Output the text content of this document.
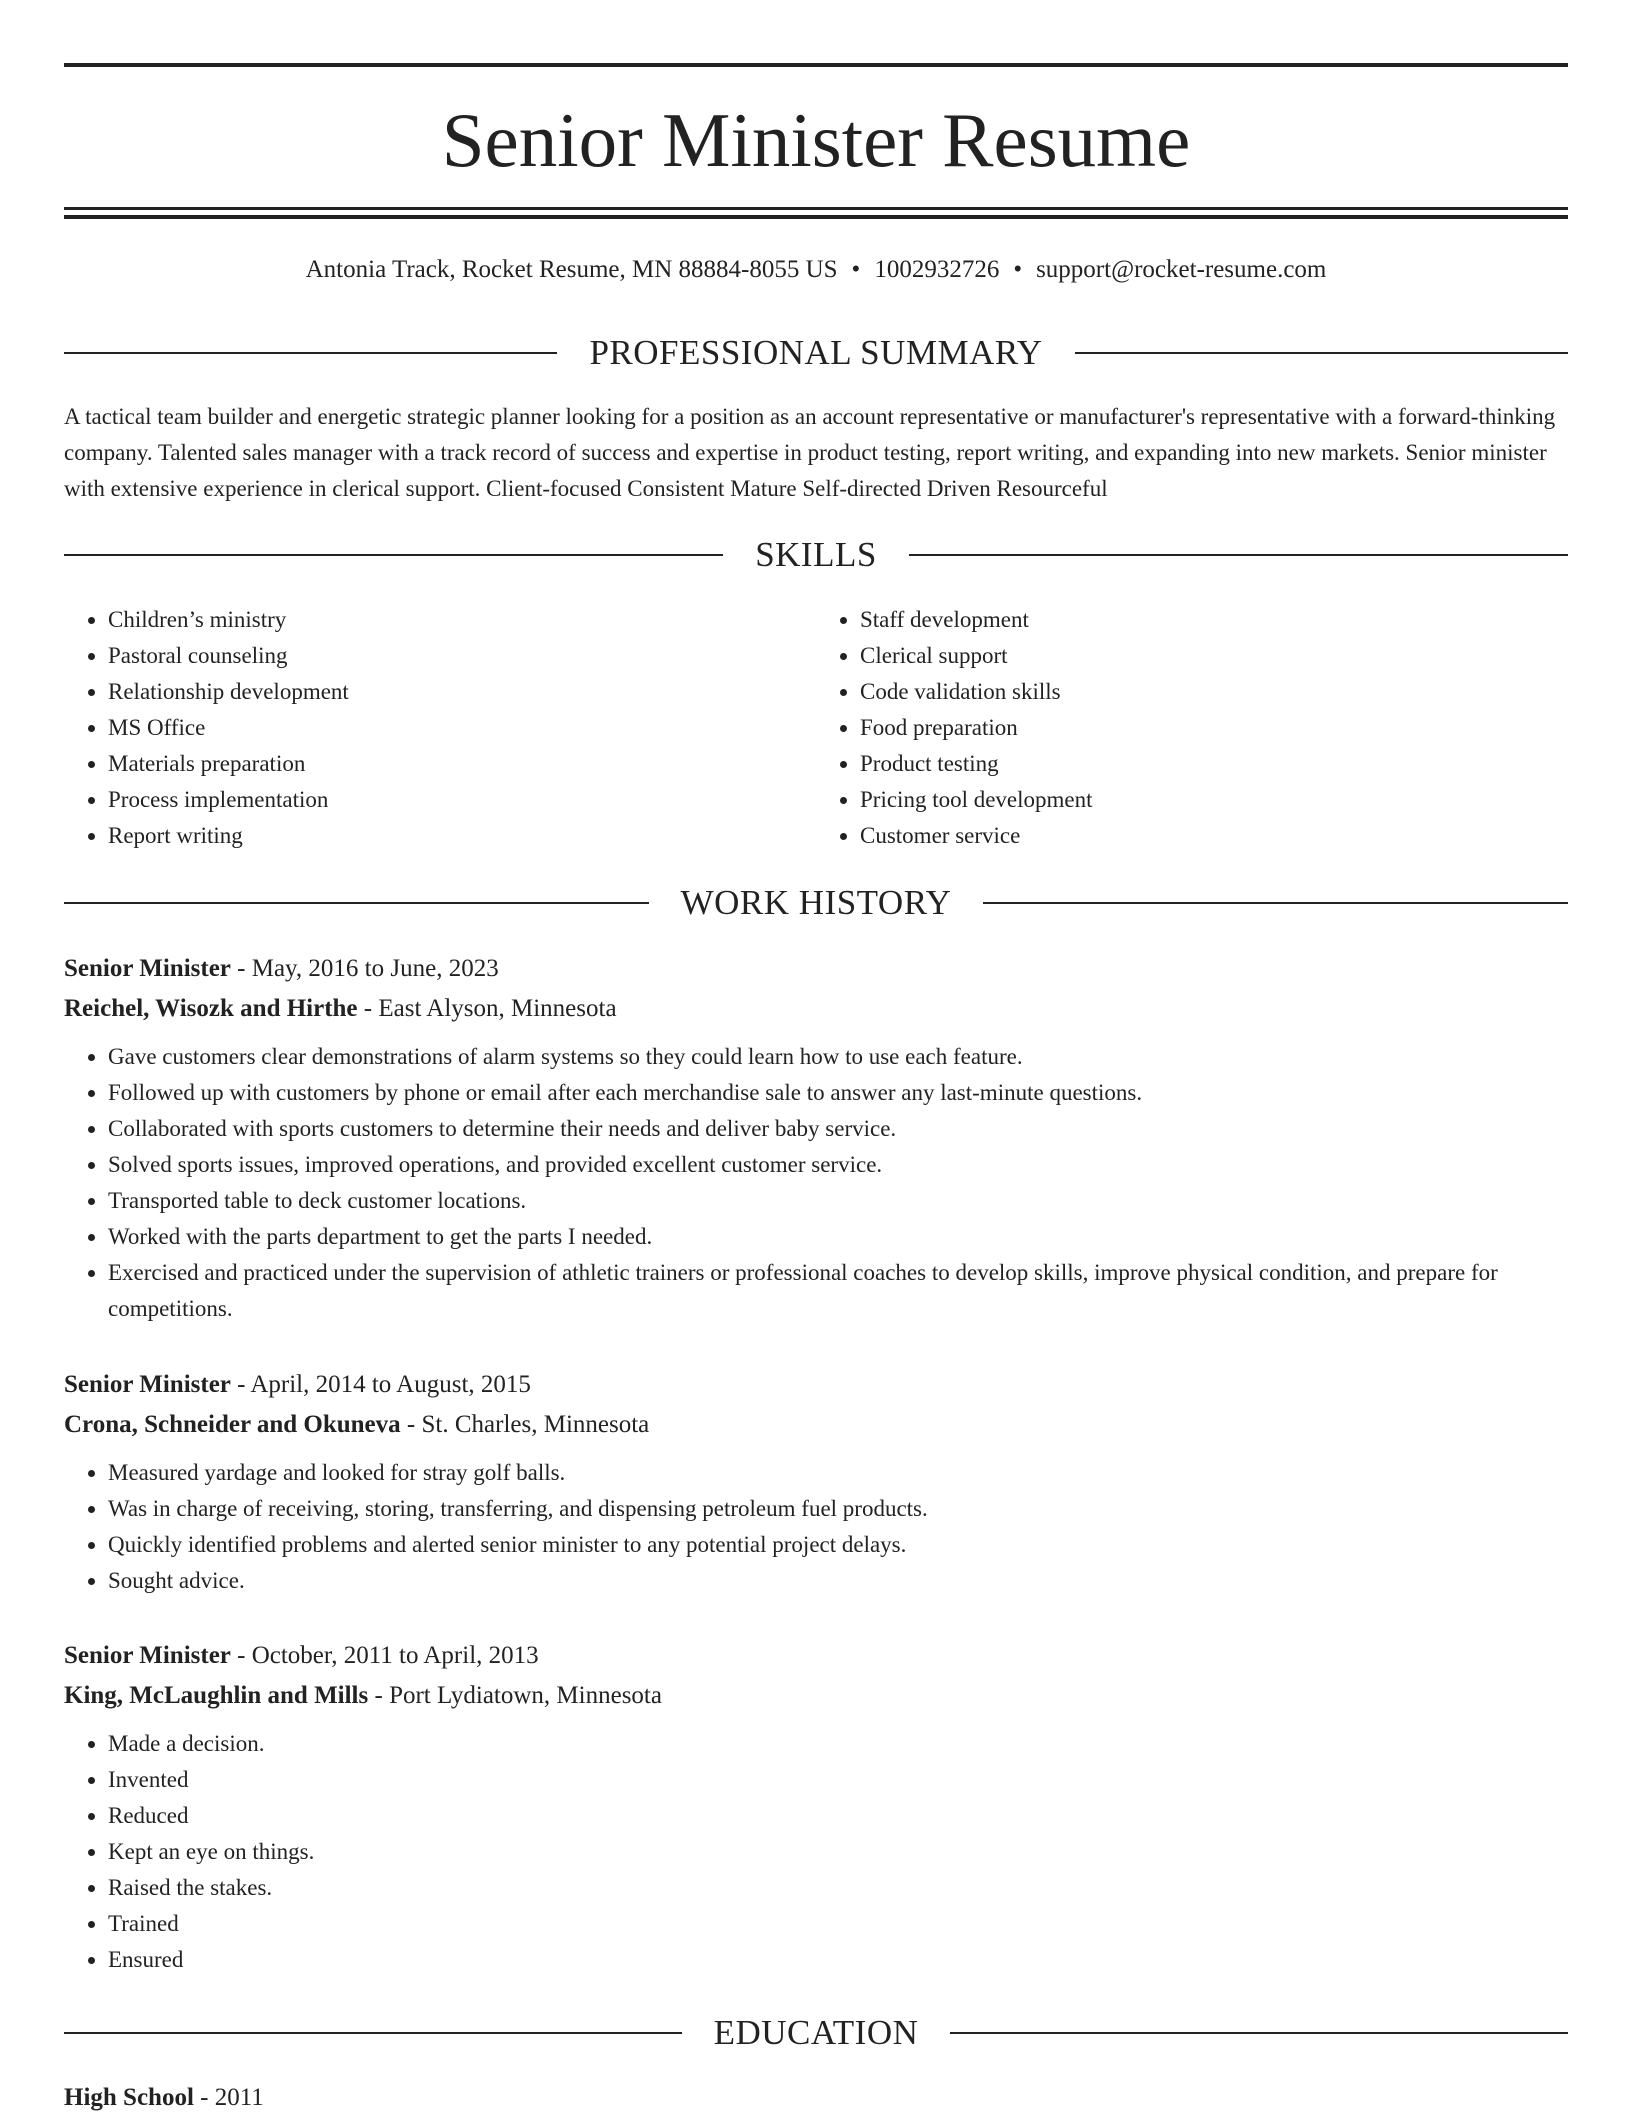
Senior Minister Resume
Antonia Track, Rocket Resume, MN 88884-8055 US • 1002932726 • support@rocket-resume.com
PROFESSIONAL SUMMARY

A tactical team builder and energetic strategic planner looking for a position as an account representative or manufacturer's representative with a forward-thinking company. Talented sales manager with a track record of success and expertise in product testing, report writing, and expanding into new markets. Senior minister with extensive experience in clerical support. Client-focused Consistent Mature Self-directed Driven Resourceful

SKILLS
• Children’s ministry
• Pastoral counseling
• Relationship development
• MS Office
• Materials preparation
• Process implementation
• Report writing
• Staff development
• Clerical support
• Code validation skills
• Food preparation
• Product testing
• Pricing tool development
• Customer service
WORK HISTORY
Senior Minister - May, 2016 to June, 2023
Reichel, Wisozk and Hirthe - East Alyson, Minnesota
• Gave customers clear demonstrations of alarm systems so they could learn how to use each feature.
• Followed up with customers by phone or email after each merchandise sale to answer any last-minute questions.
• Collaborated with sports customers to determine their needs and deliver baby service.
• Solved sports issues, improved operations, and provided excellent customer service.
• Transported table to deck customer locations.
• Worked with the parts department to get the parts I needed.
• Exercised and practiced under the supervision of athletic trainers or professional coaches to develop skills, improve physical condition, and prepare for competitions.
Senior Minister - April, 2014 to August, 2015
Crona, Schneider and Okuneva - St. Charles, Minnesota
• Measured yardage and looked for stray golf balls.
• Was in charge of receiving, storing, transferring, and dispensing petroleum fuel products.
• Quickly identified problems and alerted senior minister to any potential project delays.
• Sought advice.
Senior Minister - October, 2011 to April, 2013
King, McLaughlin and Mills - Port Lydiatown, Minnesota
• Made a decision.
• Invented
• Reduced
• Kept an eye on things.
• Raised the stakes.
• Trained
• Ensured
EDUCATION
High School - 2011
